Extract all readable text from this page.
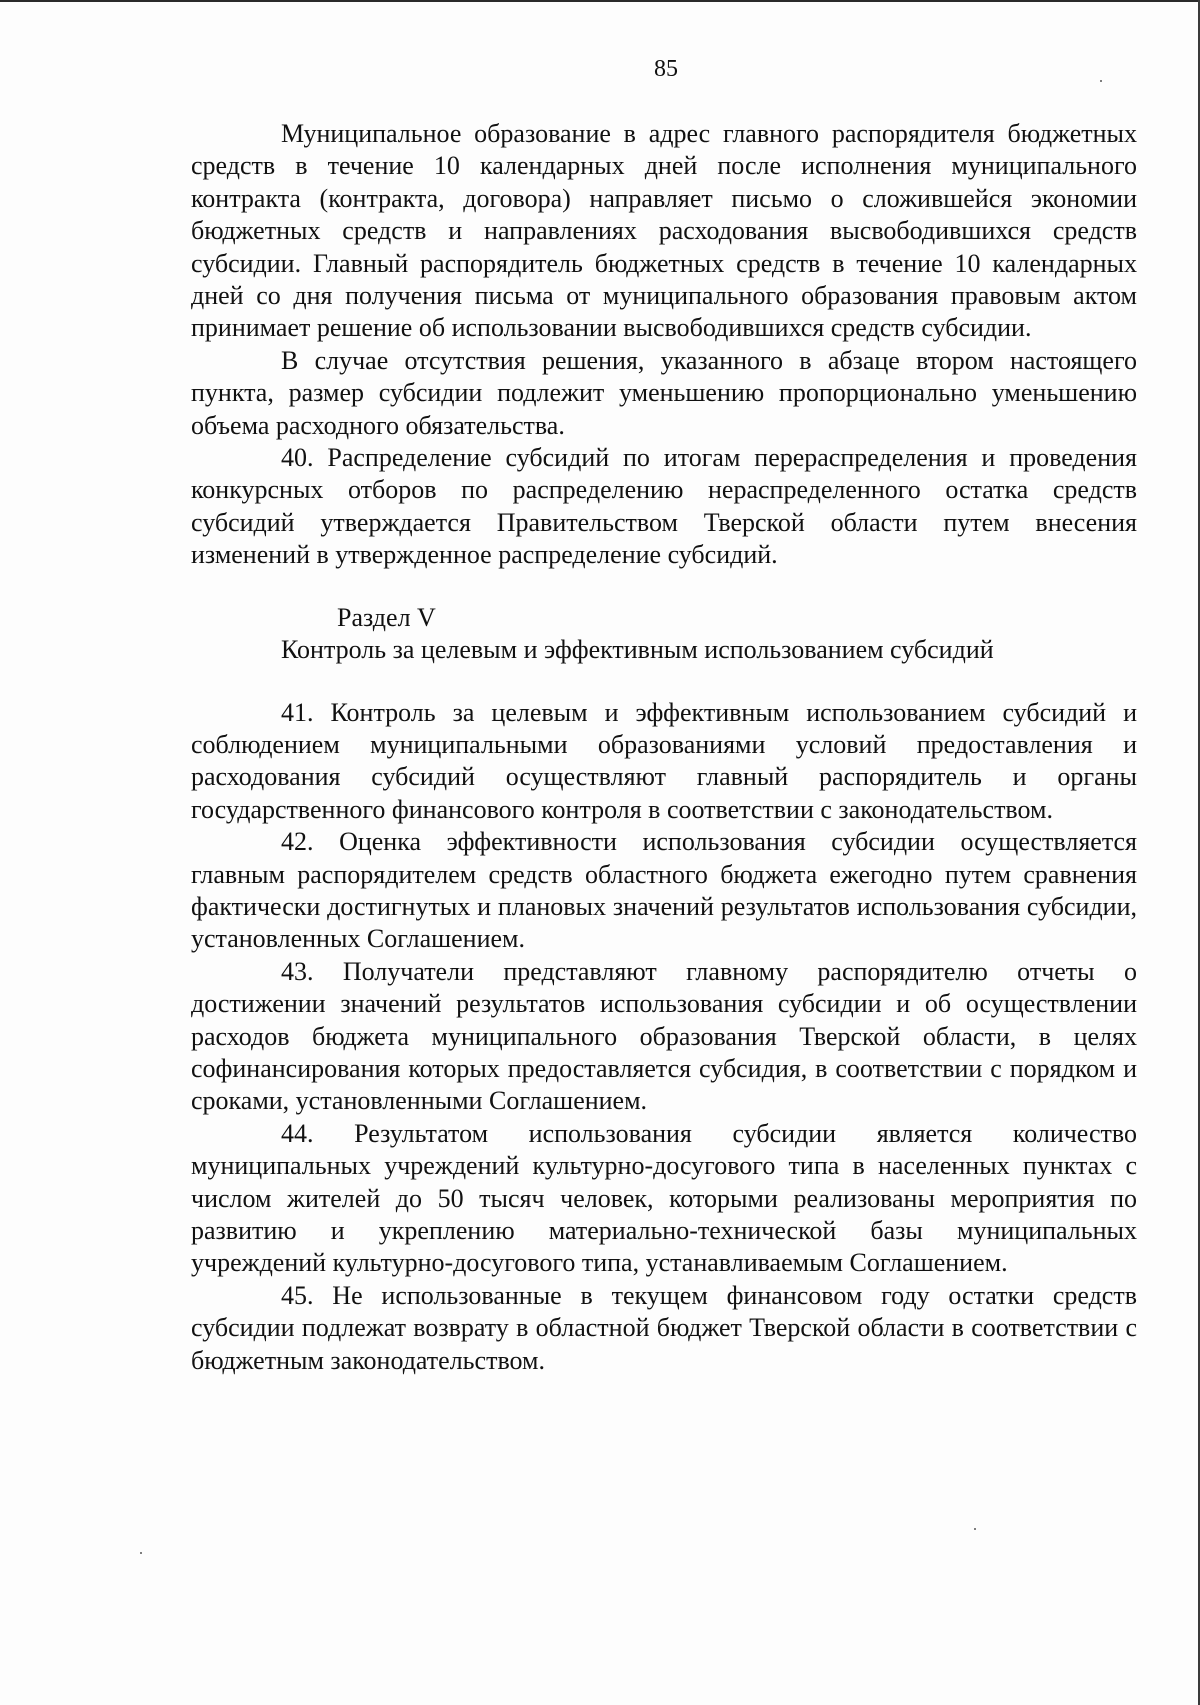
85

Муниципальное образование в адрес главного распорядителя бюджетных средств в течение 10 календарных дней после исполнения муниципального контракта (контракта, договора) направляет письмо о сложившейся экономии бюджетных средств и направлениях расходования высвободившихся средств субсидии. Главный распорядитель бюджетных средств в течение 10 календарных дней со дня получения письма от муниципального образования правовым актом принимает решение об использовании высвободившихся средств субсидии.

В случае отсутствия решения, указанного в абзаце втором настоящего пункта, размер субсидии подлежит уменьшению пропорционально уменьшению объема расходного обязательства.

40. Распределение субсидий по итогам перераспределения и проведения конкурсных отборов по распределению нераспределенного остатка средств субсидий утверждается Правительством Тверской области путем внесения изменений в утвержденное распределение субсидий.

Раздел V

Контроль за целевым и эффективным использованием субсидий

41. Контроль за целевым и эффективным использованием субсидий и соблюдением муниципальными образованиями условий предоставления и расходования субсидий осуществляют главный распорядитель и органы государственного финансового контроля в соответствии с законодательством.

42. Оценка эффективности использования субсидии осуществляется главным распорядителем средств областного бюджета ежегодно путем сравнения фактически достигнутых и плановых значений результатов использования субсидии, установленных Соглашением.

43. Получатели представляют главному распорядителю отчеты о достижении значений результатов использования субсидии и об осуществлении расходов бюджета муниципального образования Тверской области, в целях софинансирования которых предоставляется субсидия, в соответствии с порядком и сроками, установленными Соглашением.

44. Результатом использования субсидии является количество муниципальных учреждений культурно-досугового типа в населенных пунктах с числом жителей до 50 тысяч человек, которыми реализованы мероприятия по развитию и укреплению материально-технической базы муниципальных учреждений культурно-досугового типа, устанавливаемым Соглашением.

45. Не использованные в текущем финансовом году остатки средств субсидии подлежат возврату в областной бюджет Тверской области в соответствии с бюджетным законодательством.
